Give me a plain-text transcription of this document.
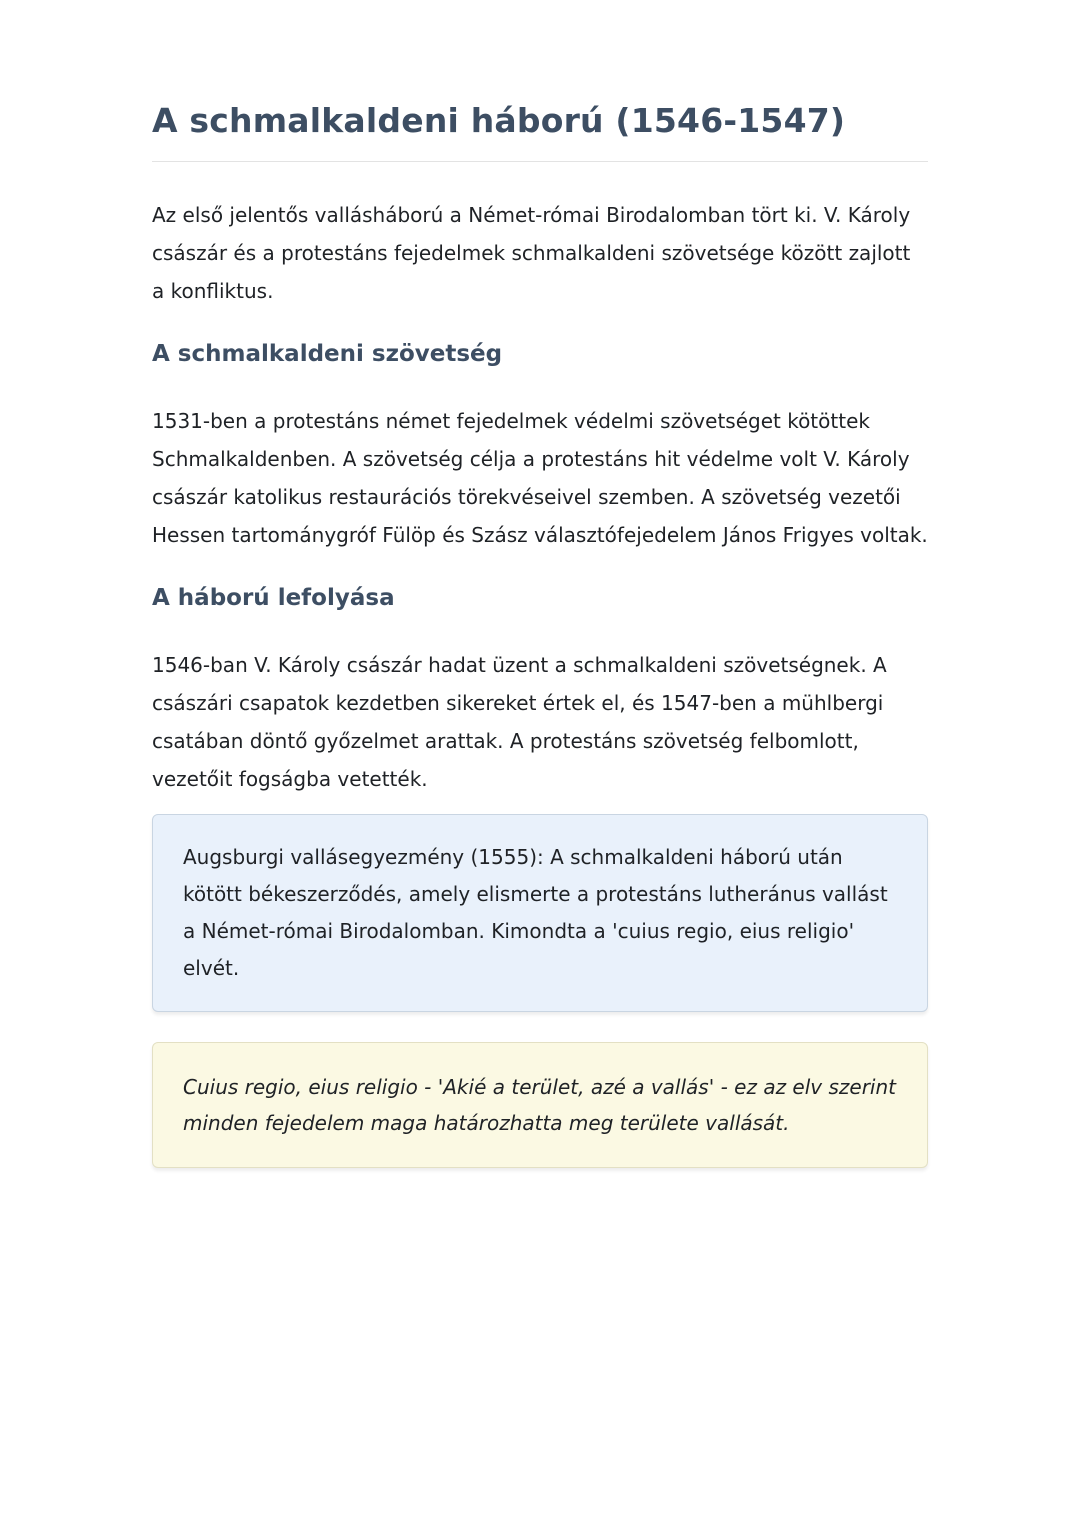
A schmalkaldeni háború (1546-1547)

Az első jelentős vallásháború a Német-római Birodalomban tört ki. V. Károly császár és a protestáns fejedelmek schmalkaldeni szövetsége között zajlott a konfliktus.

A schmalkaldeni szövetség

1531-ben a protestáns német fejedelmek védelmi szövetséget kötöttek Schmalkaldenben. A szövetség célja a protestáns hit védelme volt V. Károly császár katolikus restaurációs törekvéseivel szemben. A szövetség vezetői Hessen tartománygróf Fülöp és Szász választófejedelem János Frigyes voltak.

A háború lefolyása

1546-ban V. Károly császár hadat üzent a schmalkaldeni szövetségnek. A császári csapatok kezdetben sikereket értek el, és 1547-ben a mühlbergi csatában döntő győzelmet arattak. A protestáns szövetség felbomlott, vezetőit fogságba vetették.

Augsburgi vallásegyezmény (1555): A schmalkaldeni háború után kötött békeszerződés, amely elismerte a protestáns lutheránus vallást a Német-római Birodalomban. Kimondta a 'cuius regio, eius religio' elvét.
Cuius regio, eius religio - 'Akié a terület, azé a vallás' - ez az elv szerint minden fejedelem maga határozhatta meg területe vallását.
